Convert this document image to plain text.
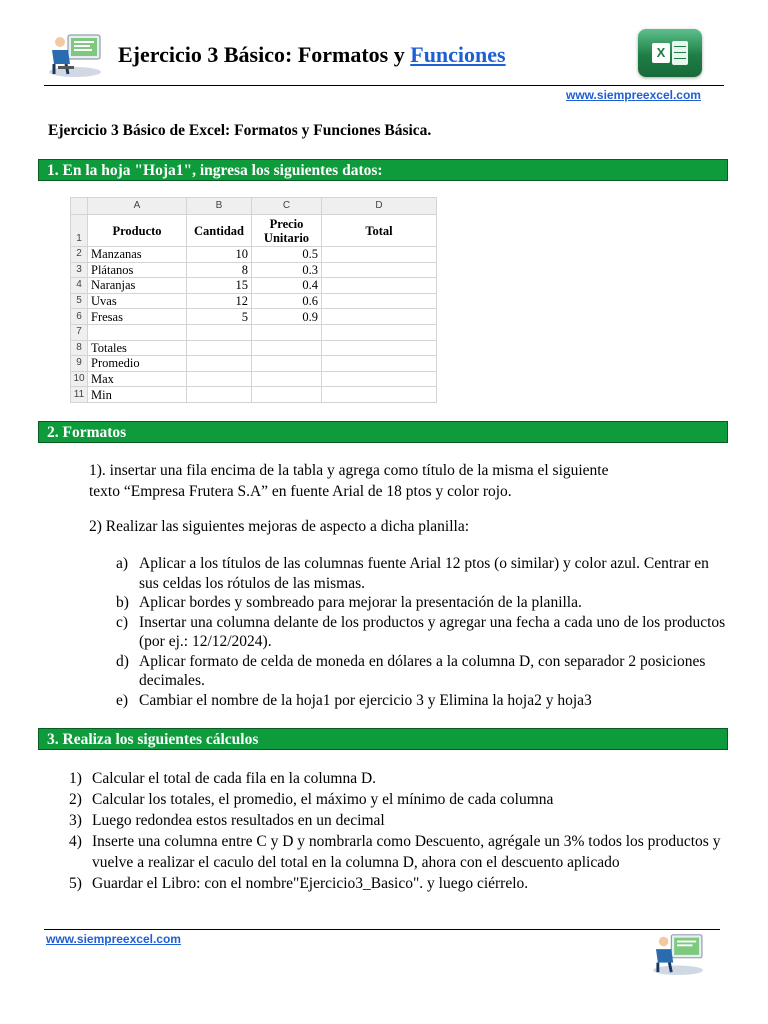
Ejercicio 3 Básico: Formatos y Funciones	X
www.siempreexcel.com
Ejercicio 3 Básico de Excel: Formatos y Funciones Básica.
1. En la hoja "Hoja1", ingresa los siguientes datos:
	A	B	C	D
1	Producto	Cantidad	Precio Unitario	Total
2	Manzanas	10	0.5	
3	Plátanos	8	0.3	
4	Naranjas	15	0.4	
5	Uvas	12	0.6	
6	Fresas	5	0.9	
7				
8	Totales			
9	Promedio			
10	Max			
11	Min			
2. Formatos
1). insertar una fila encima de la tabla y agrega como título de la misma el siguiente
texto “Empresa Frutera S.A” en fuente Arial de 18 ptos y color rojo.
2) Realizar las siguientes mejoras de aspecto a dicha planilla:
a) Aplicar a los títulos de las columnas fuente Arial 12 ptos (o similar) y color azul. Centrar en sus celdas los rótulos de las mismas.
b) Aplicar bordes y sombreado para mejorar la presentación de la planilla.
c) Insertar una columna delante de los productos y agregar una fecha a cada uno de los productos (por ej.: 12/12/2024).
d) Aplicar formato de celda de moneda en dólares a la columna D, con separador 2 posiciones decimales.
e) Cambiar el nombre de la hoja1 por ejercicio 3 y Elimina la hoja2 y hoja3
3. Realiza los siguientes cálculos
1) Calcular el total de cada fila en la columna D.
2) Calcular los totales, el promedio, el máximo y el mínimo de cada columna
3) Luego redondea estos resultados en un decimal
4) Inserte una columna entre C y D y nombrarla como Descuento, agrégale un 3% todos los productos y vuelve a realizar el caculo del total en la columna D, ahora con el descuento aplicado
5) Guardar el Libro: con el nombre"Ejercicio3_Basico". y luego ciérrelo.
www.siempreexcel.com
